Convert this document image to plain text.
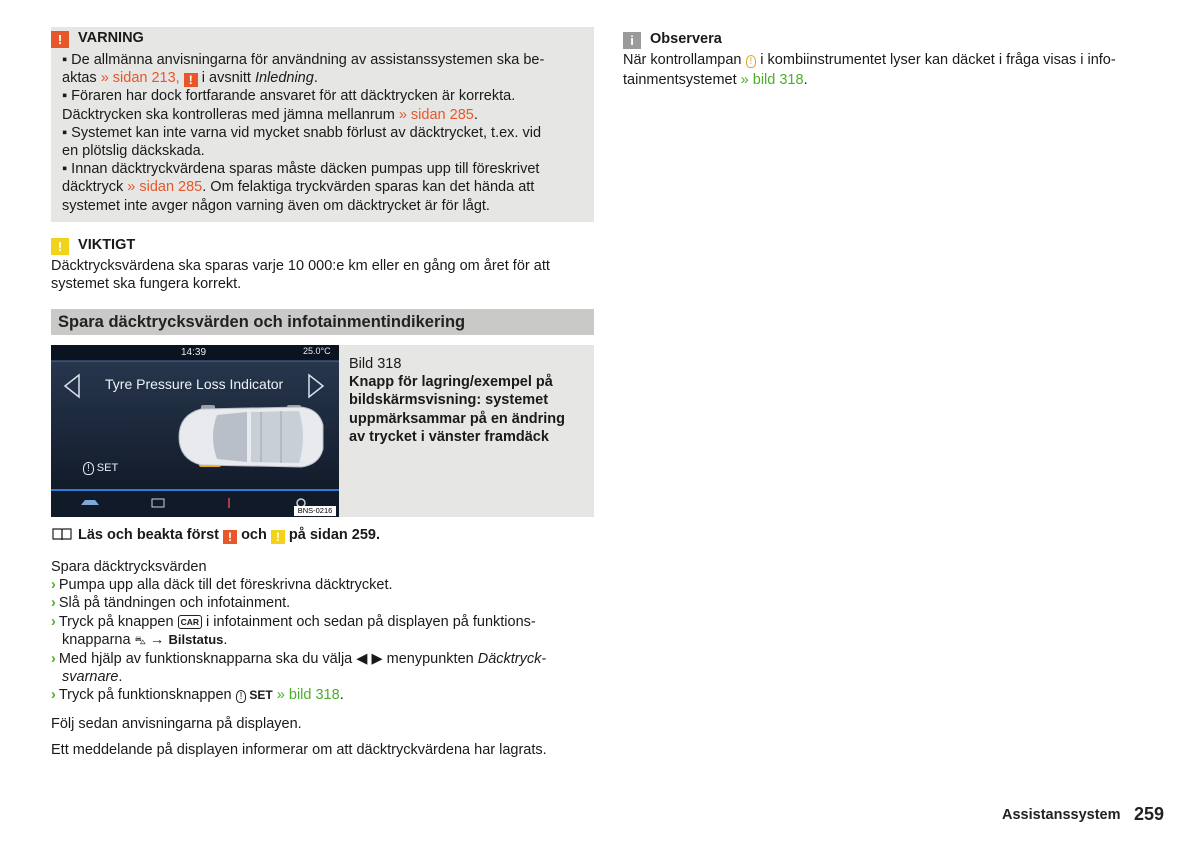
! VARNING
▪ De allmänna anvisningarna för användning av assistanssystemen ska be-
aktas » sidan 213, ! i avsnitt Inledning.
▪ Föraren har dock fortfarande ansvaret för att däcktrycken är korrekta.
Däcktrycken ska kontrolleras med jämna mellanrum » sidan 285.
▪ Systemet kan inte varna vid mycket snabb förlust av däcktrycket, t.ex. vid
en plötslig däckskada.
▪ Innan däcktryckvärdena sparas måste däcken pumpas upp till föreskrivet
däcktryck » sidan 285. Om felaktiga tryckvärden sparas kan det hända att
systemet inte avger någon varning även om däcktrycket är för lågt.
! VIKTIGT
Däcktrycksvärdena ska sparas varje 10 000:e km eller en gång om året för att
systemet ska fungera korrekt.
Spara däcktrycksvärden och infotainmentindikering
14:39	25.0°C
Tyre Pressure Loss Indicator
! SET
BNS-0216
Bild 318
Knapp för lagring/exempel på
bildskärmsvisning: systemet
uppmärksammar på en ändring
av trycket i vänster framdäck
Läs och beakta först ! och ! på sidan 259.
Spara däcktrycksvärden
› Pumpa upp alla däck till det föreskrivna däcktrycket.
› Slå på tändningen och infotainment.
› Tryck på knappen CAR i infotainment och sedan på displayen på funktions-
knapparna ⛍ → Bilstatus.
› Med hjälp av funktionsknapparna ska du välja ◀ ▶ menypunkten Däcktryck-
svarnare.
› Tryck på funktionsknappen ! SET » bild 318.
Följ sedan anvisningarna på displayen.
Ett meddelande på displayen informerar om att däcktryckvärdena har lagrats.
i Observera
När kontrollampan ! i kombiinstrumentet lyser kan däcket i fråga visas i info-
tainmentsystemet » bild 318.
Assistanssystem 259
